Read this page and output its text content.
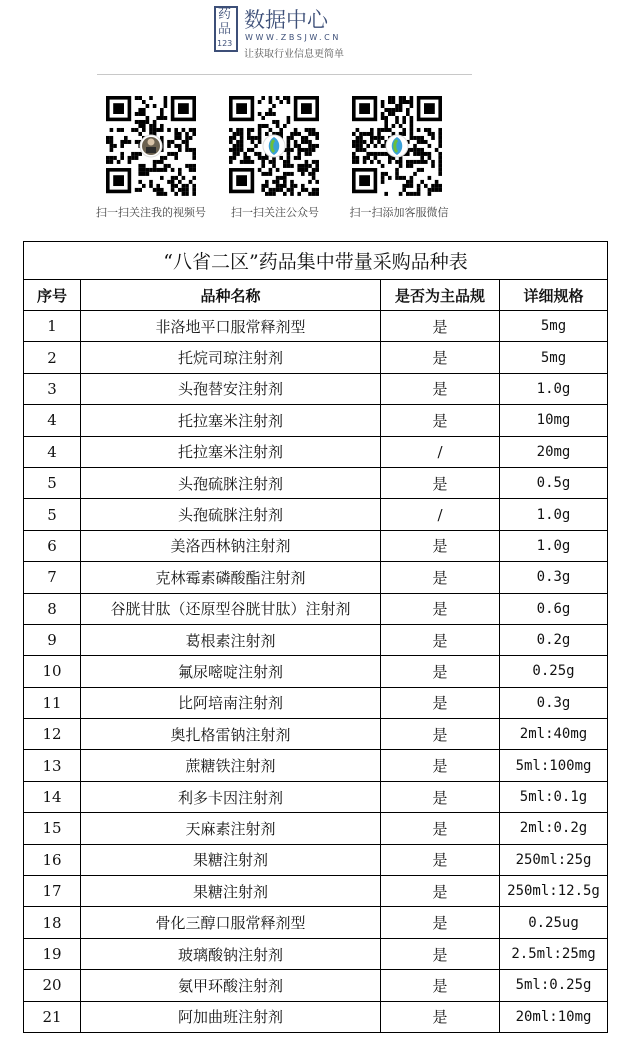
药
品
123
数据中心
WWW.ZBSJW.CN
让获取行业信息更简单
扫一扫关注我的视频号	扫一扫关注公众号	扫一扫添加客服微信
“八省二区”药品集中带量采购品种表			
序号	品种名称	是否为主品规	详细规格
1	非洛地平口服常释剂型	是	5mg
2	托烷司琼注射剂	是	5mg
3	头孢替安注射剂	是	1.0g
4	托拉塞米注射剂	是	10mg
4	托拉塞米注射剂	/	20mg
5	头孢硫脒注射剂	是	0.5g
5	头孢硫脒注射剂	/	1.0g
6	美洛西林钠注射剂	是	1.0g
7	克林霉素磷酸酯注射剂	是	0.3g
8	谷胱甘肽（还原型谷胱甘肽）注射剂	是	0.6g
9	葛根素注射剂	是	0.2g
10	氟尿嘧啶注射剂	是	0.25g
11	比阿培南注射剂	是	0.3g
12	奥扎格雷钠注射剂	是	2ml:40mg
13	蔗糖铁注射剂	是	5ml:100mg
14	利多卡因注射剂	是	5ml:0.1g
15	天麻素注射剂	是	2ml:0.2g
16	果糖注射剂	是	250ml:25g
17	果糖注射剂	是	250ml:12.5g
18	骨化三醇口服常释剂型	是	0.25ug
19	玻璃酸钠注射剂	是	2.5ml:25mg
20	氨甲环酸注射剂	是	5ml:0.25g
21	阿加曲班注射剂	是	20ml:10mg
